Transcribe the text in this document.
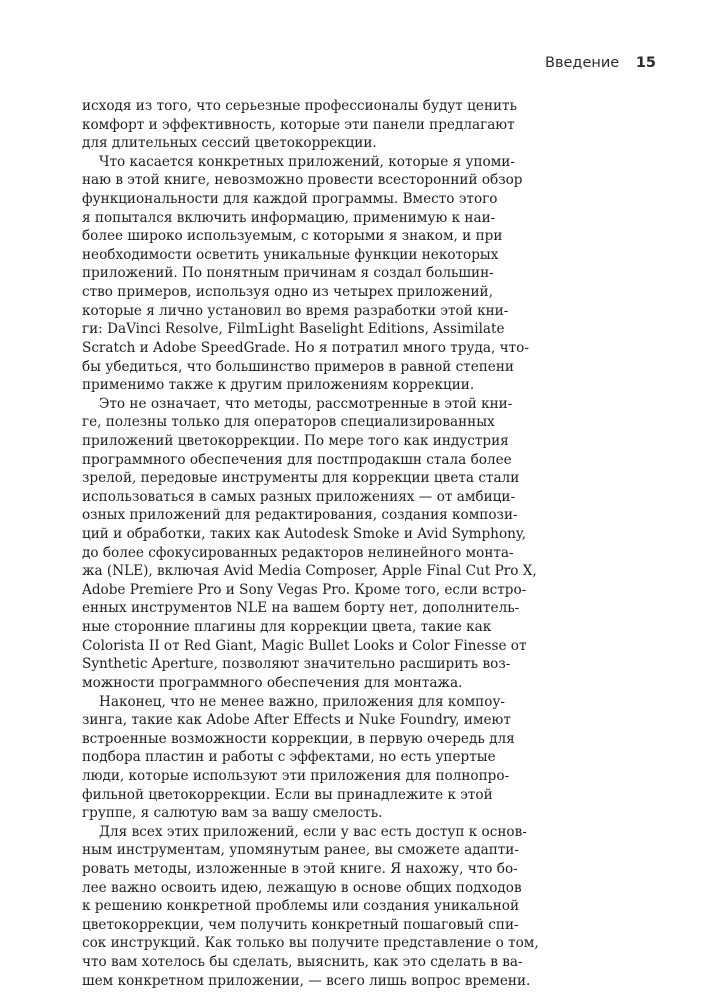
Введение 15
исходя из того, что серьезные профессионалы будут ценить
комфорт и эффективность, которые эти панели предлагают
для длительных сессий цветокоррекции.
Что касается конкретных приложений, которые я упоми-
наю в этой книге, невозможно провести всесторонний обзор
функциональности для каждой программы. Вместо этого
я попытался включить информацию, применимую к наи-
более широко используемым, с которыми я знаком, и при
необходимости осветить уникальные функции некоторых
приложений. По понятным причинам я создал большин-
ство примеров, используя одно из четырех приложений,
которые я лично установил во время разработки этой кни-
ги: DaVinci Resolve, FilmLight Baselight Editions, Assimilate
Scratch и Adobe SpeedGrade. Но я потратил много труда, что-
бы убедиться, что большинство примеров в равной степени
применимо также к другим приложениям коррекции.
Это не означает, что методы, рассмотренные в этой кни-
ге, полезны только для операторов специализированных
приложений цветокоррекции. По мере того как индустрия
программного обеспечения для постпродакшн стала более
зрелой, передовые инструменты для коррекции цвета стали
использоваться в самых разных приложениях — от амбици-
озных приложений для редактирования, создания компози-
ций и обработки, таких как Autodesk Smoke и Avid Symphony,
до более сфокусированных редакторов нелинейного монта-
жа (NLE), включая Avid Media Composer, Apple Final Cut Pro X,
Adobe Premiere Pro и Sony Vegas Pro. Кроме того, если встро-
енных инструментов NLE на вашем борту нет, дополнитель-
ные сторонние плагины для коррекции цвета, такие как
Colorista II от Red Giant, Magic Bullet Looks и Color Finesse от
Synthetic Aperture, позволяют значительно расширить воз-
можности программного обеспечения для монтажа.
Наконец, что не менее важно, приложения для компоу-
зинга, такие как Adobe After Effects и Nuke Foundry, имеют
встроенные возможности коррекции, в первую очередь для
подбора пластин и работы с эффектами, но есть упертые
люди, которые используют эти приложения для полнопро-
фильной цветокоррекции. Если вы принадлежите к этой
группе, я салютую вам за вашу смелость.
Для всех этих приложений, если у вас есть доступ к основ-
ным инструментам, упомянутым ранее, вы сможете адапти-
ровать методы, изложенные в этой книге. Я нахожу, что бо-
лее важно освоить идею, лежащую в основе общих подходов
к решению конкретной проблемы или создания уникальной
цветокоррекции, чем получить конкретный пошаговый спи-
сок инструкций. Как только вы получите представление о том,
что вам хотелось бы сделать, выяснить, как это сделать в ва-
шем конкретном приложении, — всего лишь вопрос времени.
